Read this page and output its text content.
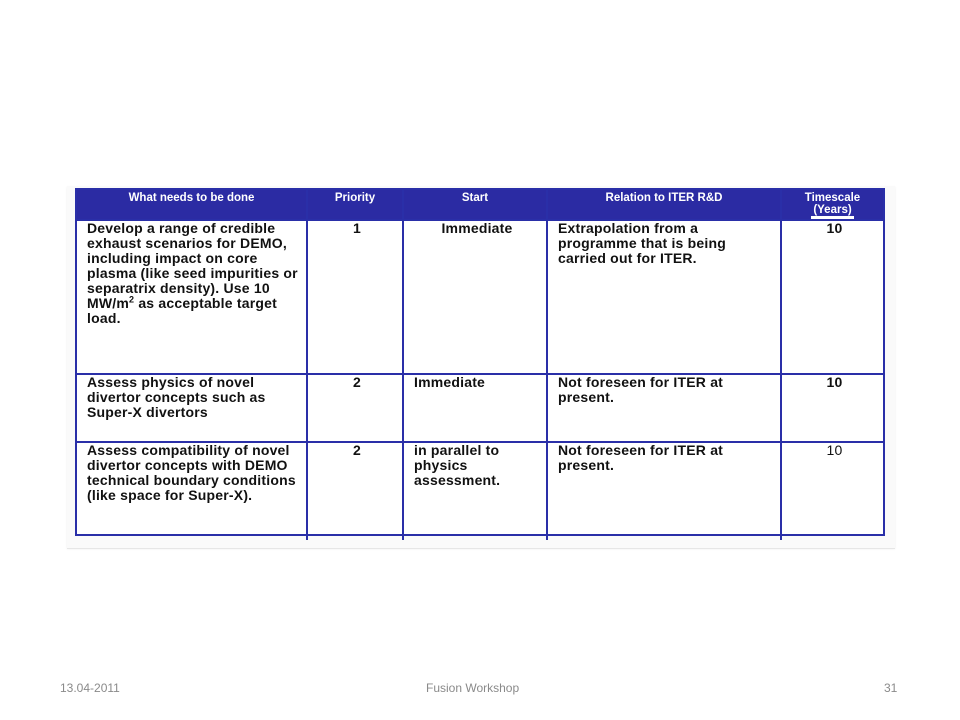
What needs to be done	Priority	Start	Relation to ITER R&D	Timescale
(Years)
Develop a range of credible exhaust scenarios for DEMO, including impact on core plasma (like seed impurities or separatrix density). Use 10 $MW/m^2$ as acceptable target load.	1	Immediate	Extrapolation from a programme that is being carried out for ITER.	10
Assess physics of novel divertor concepts such as Super-X divertors	2	Immediate	Not foreseen for ITER at present.	10
Assess compatibility of novel divertor concepts with DEMO technical boundary conditions (like space for Super-X).	2	in parallel to physics assessment.	Not foreseen for ITER at present.	10
13.04-2011	Fusion Workshop	31
